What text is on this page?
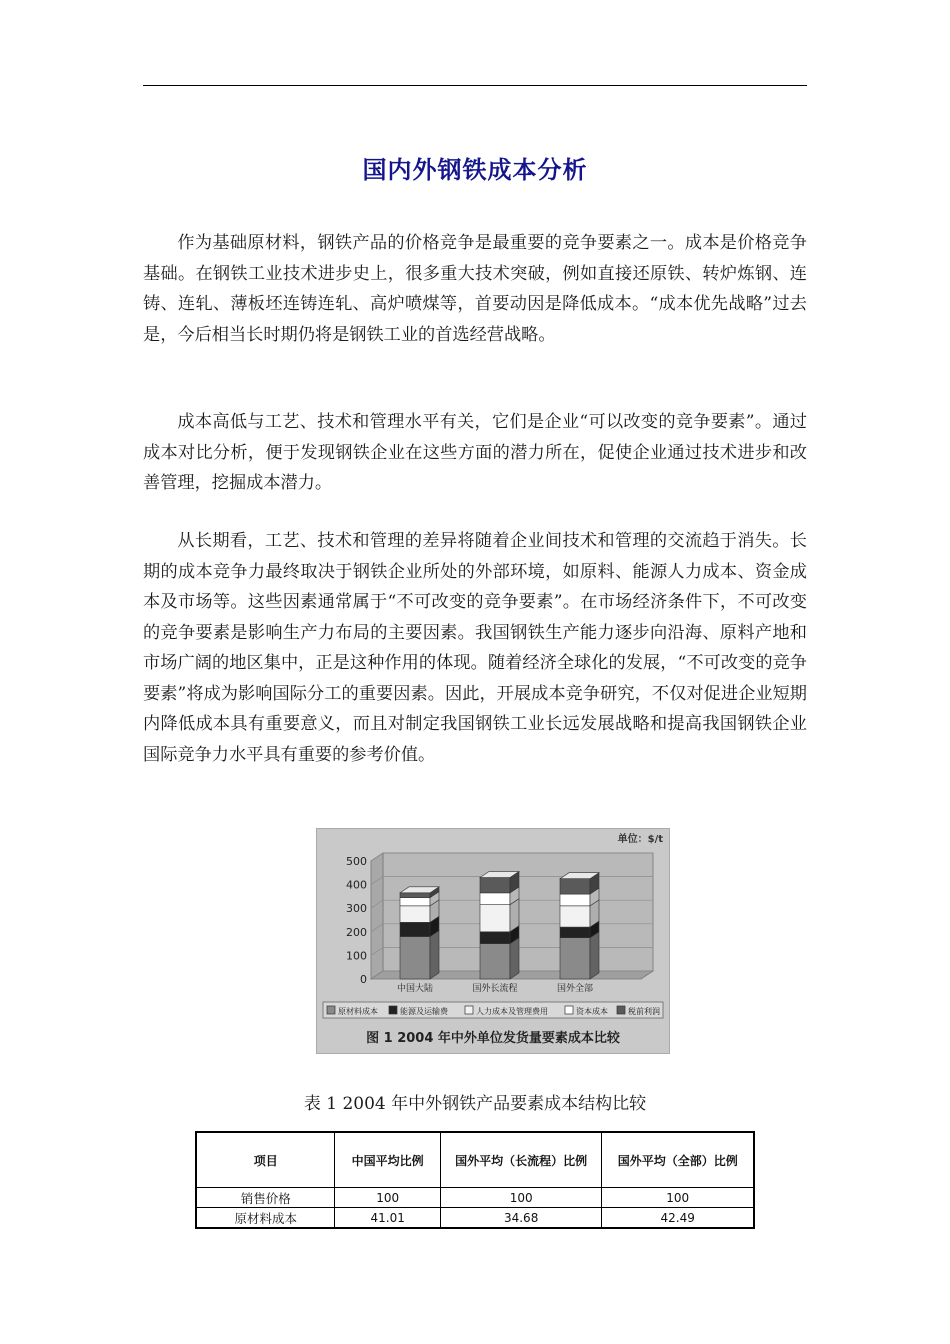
国内外钢铁成本分析

作为基础原材料，钢铁产品的价格竞争是最重要的竞争要素之一。成本是价格竞争基础。在钢铁工业技术进步史上，很多重大技术突破，例如直接还原铁、转炉炼钢、连铸、连轧、薄板坯连铸连轧、高炉喷煤等，首要动因是降低成本。“成本优先战略”过去是，今后相当长时期仍将是钢铁工业的首选经营战略。

成本高低与工艺、技术和管理水平有关，它们是企业“可以改变的竞争要素”。通过成本对比分析，便于发现钢铁企业在这些方面的潜力所在，促使企业通过技术进步和改善管理，挖掘成本潜力。

从长期看，工艺、技术和管理的差异将随着企业间技术和管理的交流趋于消失。长期的成本竞争力最终取决于钢铁企业所处的外部环境，如原料、能源人力成本、资金成本及市场等。这些因素通常属于“不可改变的竞争要素”。在市场经济条件下，不可改变的竞争要素是影响生产力布局的主要因素。我国钢铁生产能力逐步向沿海、原料产地和市场广阔的地区集中，正是这种作用的体现。随着经济全球化的发展，“不可改变的竞争要素”将成为影响国际分工的重要因素。因此，开展成本竞争研究，不仅对促进企业短期内降低成本具有重要意义，而且对制定我国钢铁工业长远发展战略和提高我国钢铁企业国际竞争力水平具有重要的参考价值。

单位：$/t
0
100
200
300
400
500
中国大陆	国外长流程	国外全部
原材料成本	能源及运输费	人力成本及管理费用	资本成本	税前利润
图 1 2004 年中外单位发货量要素成本比较
表 1 2004 年中外钢铁产品要素成本结构比较
项目	中国平均比例	国外平均（长流程）比例	国外平均（全部）比例
销售价格	100	100	100
原材料成本	41.01	34.68	42.49
